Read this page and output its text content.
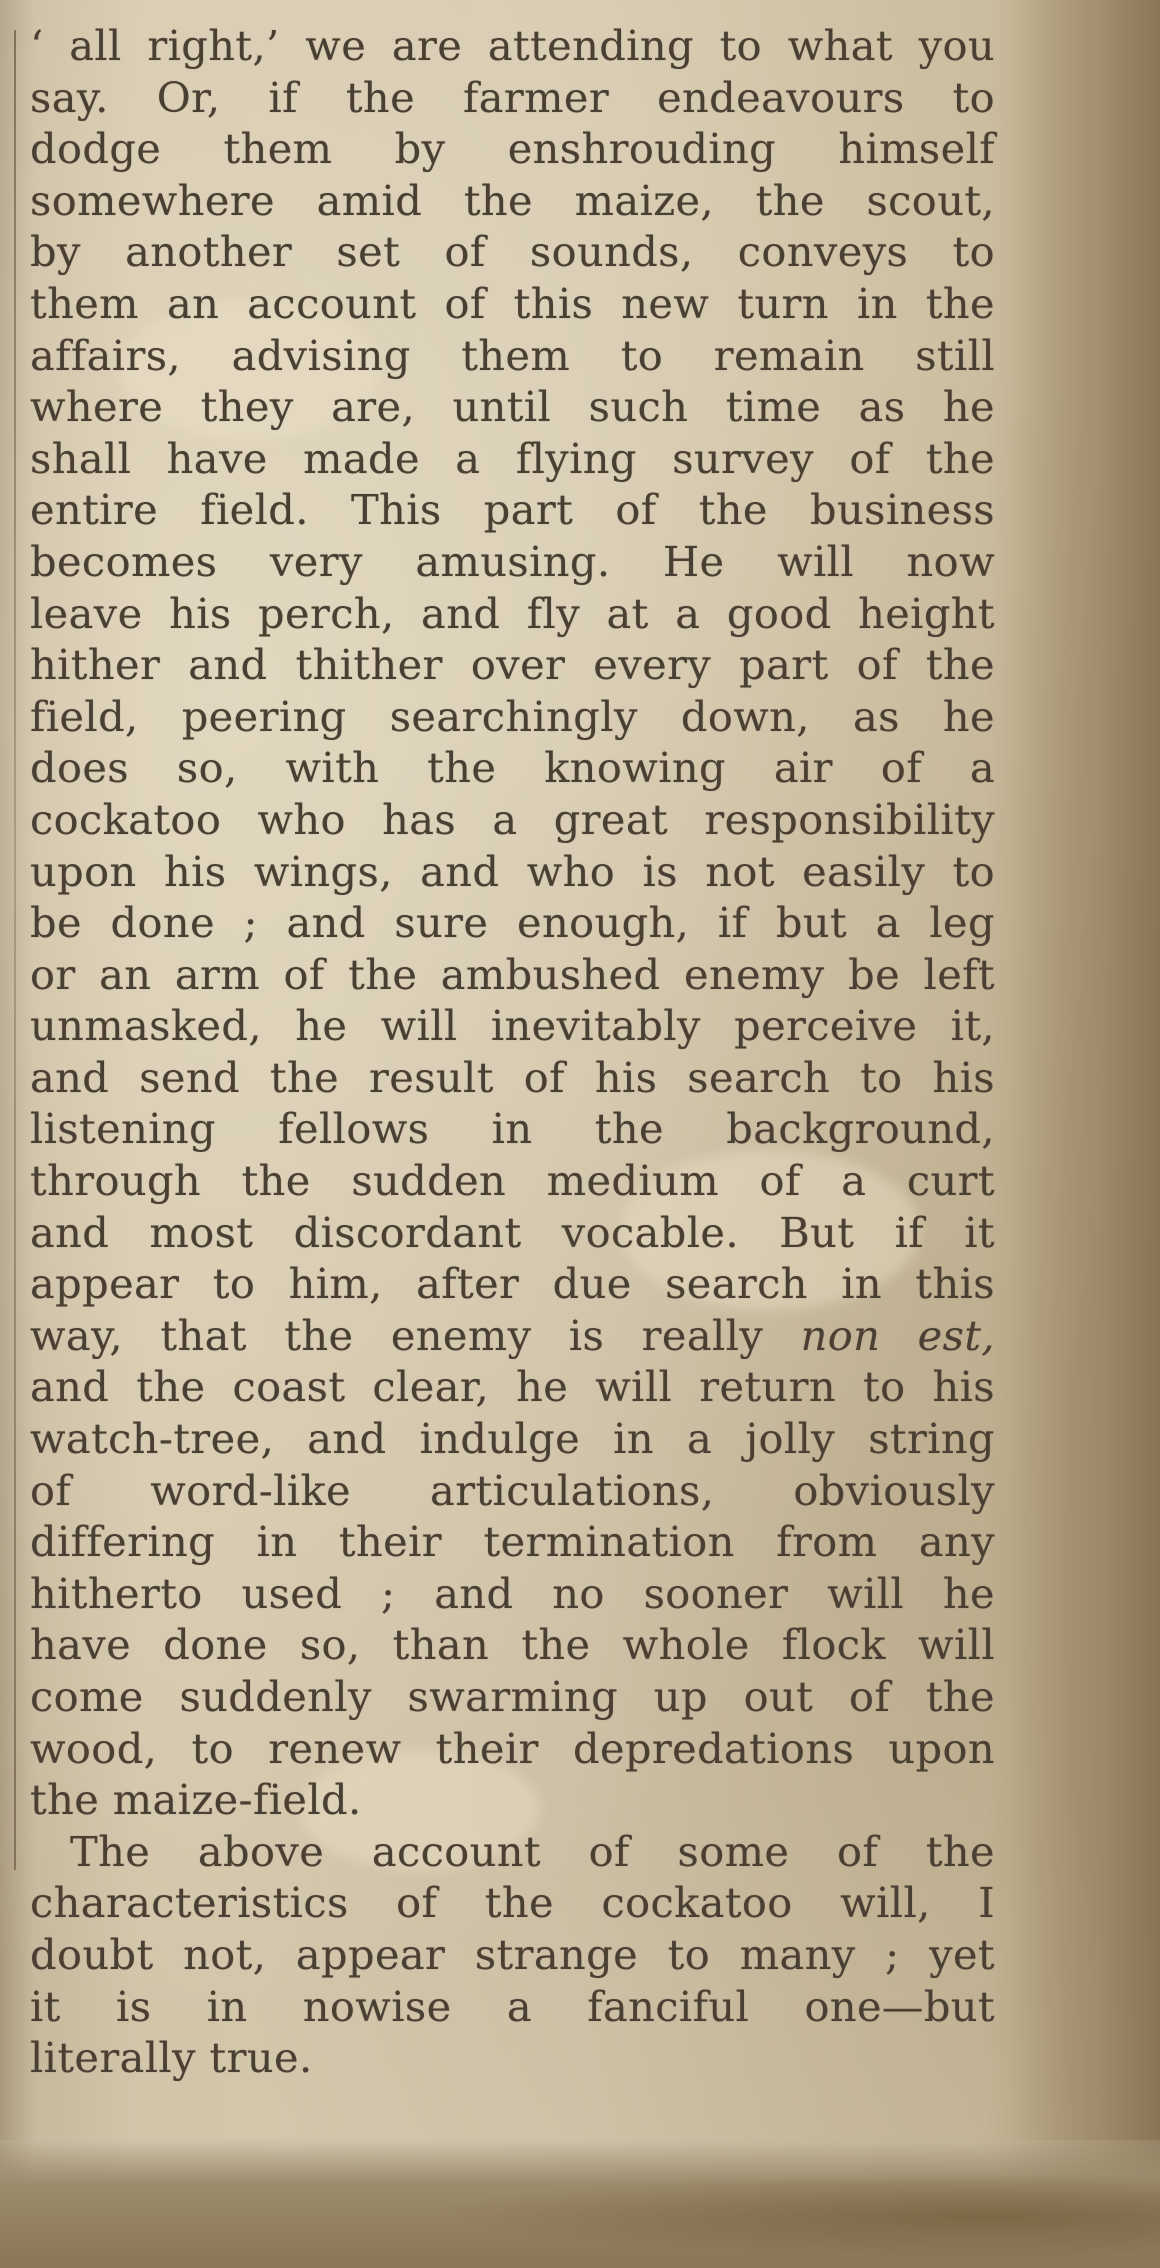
‘ all right,’ we are attending to what you
say. Or, if the farmer endeavours to
dodge them by enshrouding himself
somewhere amid the maize, the scout,
by another set of sounds, conveys to
them an account of this new turn in the
affairs, advising them to remain still
where they are, until such time as he
shall have made a flying survey of the
entire field. This part of the business
becomes very amusing. He will now
leave his perch, and fly at a good height
hither and thither over every part of the
field, peering searchingly down, as he
does so, with the knowing air of a
cockatoo who has a great responsibility
upon his wings, and who is not easily to
be done ; and sure enough, if but a leg
or an arm of the ambushed enemy be left
unmasked, he will inevitably perceive it,
and send the result of his search to his
listening fellows in the background,
through the sudden medium of a curt
and most discordant vocable. But if it
appear to him, after due search in this
way, that the enemy is really non est,
and the coast clear, he will return to his
watch-tree, and indulge in a jolly string
of word-like articulations, obviously
differing in their termination from any
hitherto used ; and no sooner will he
have done so, than the whole flock will
come suddenly swarming up out of the
wood, to renew their depredations upon
the maize-field.
The above account of some of the
characteristics of the cockatoo will, I
doubt not, appear strange to many ; yet
it is in nowise a fanciful one—but
literally true.
